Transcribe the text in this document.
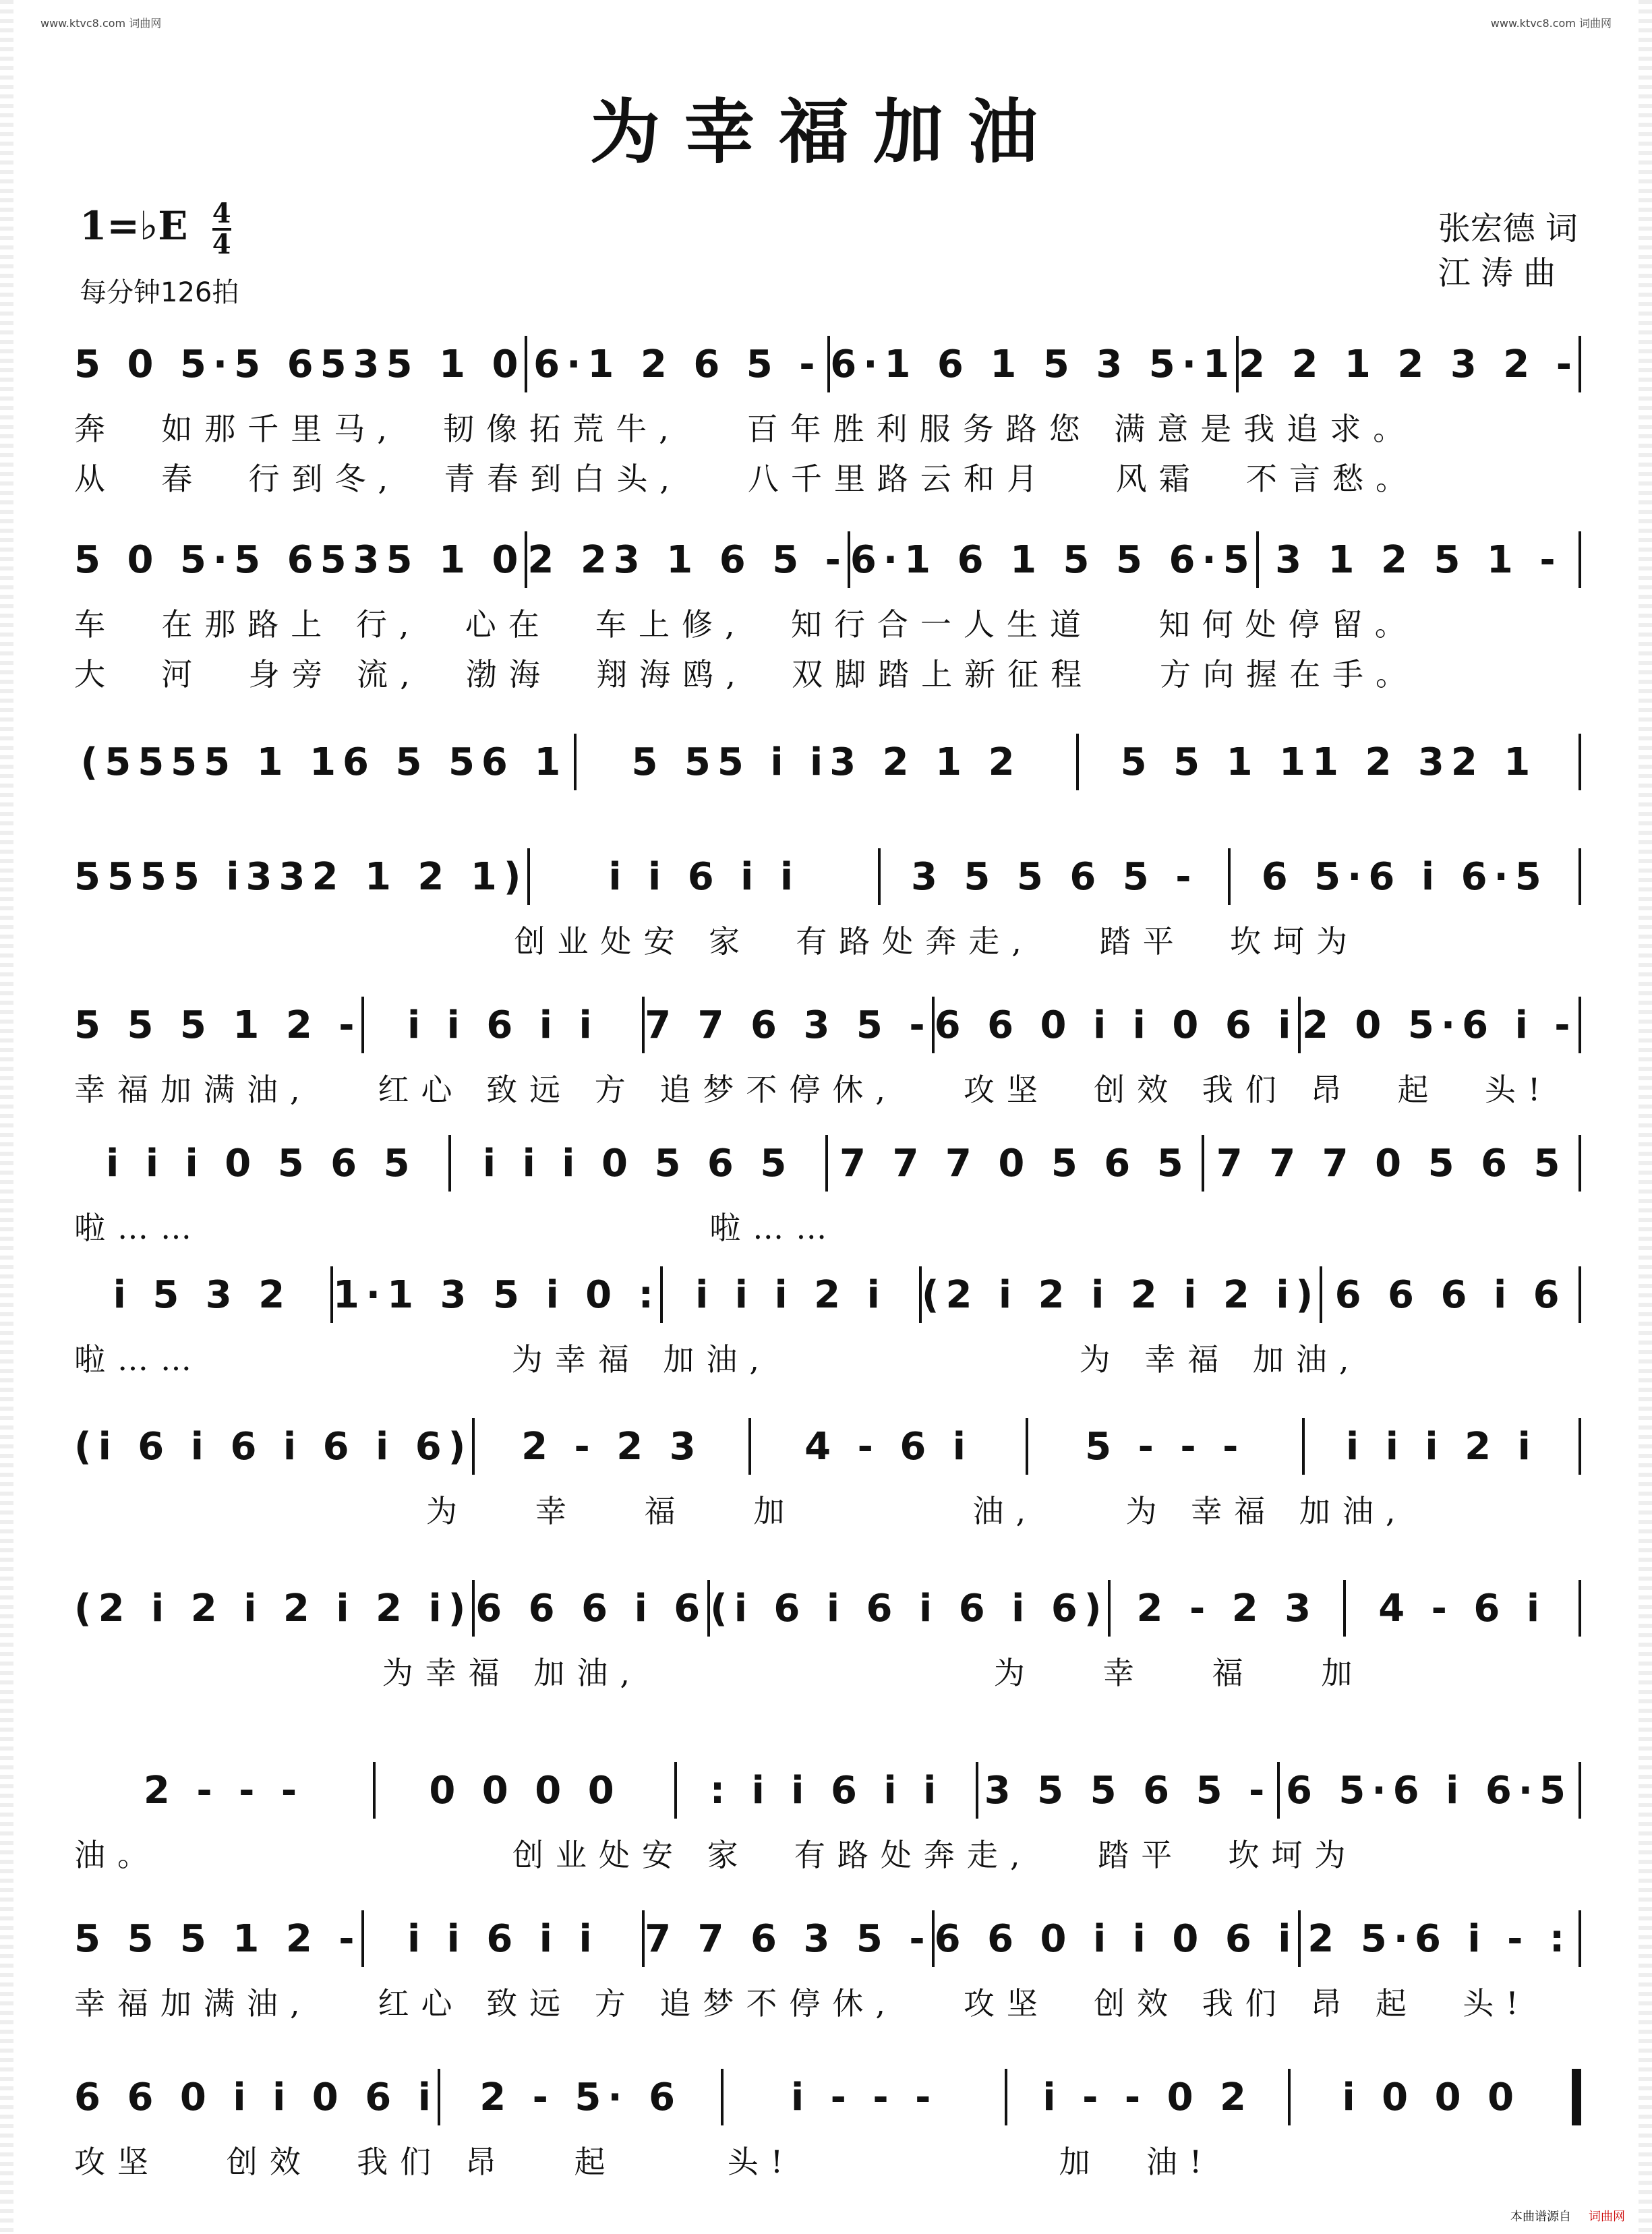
www.ktvc8.com 词曲网	www.ktvc8.com 词曲网
为幸福加油
1=♭E $\frac{4}{4}$
每分钟126拍
张宏德 词
江 涛 曲
5 0 5·5 6535 1 0 6·1 2 6 5 - 6·1 6 1 5 3 5·1 2 2 1 2 3 2 -
奔  如那千里马,  韧像拓荒牛,   百年胜利服务路您 满意是我追求。
从  春  行到冬,  青春到白头,   八千里路云和月   风霜  不言愁。
5 0 5·5 6535 1 0 2 23 1 6 5 - 6·1 6 1 5 5 6·5 3 1 2 5 1 -
车  在那路上 行,  心在  车上修,  知行合一人生道   知何处停留。
大  河  身旁 流,  渤海  翔海鸥,  双脚踏上新征程   方向握在手。
(5555 1 16 5 56 1	5 55 i i3 2 1 2	5 5 1 11 2 32 1
5555 i332 1 2 1)	i i 6 i i	3 5 5 6 5 -	6 5·6 i 6·5
创业处安 家  有路处奔走,   踏平  坎坷为
5 5 5 1 2 -	i i 6 i i	7 7 6 3 5 - 6 6 0 i i 0 6 i 2 0 5·6 i -
幸福加满油,   红心 致远 方 追梦不停休,   攻坚  创效 我们 昂  起  头!
i i i 0 5 6 5	i i i 0 5 6 5	7 7 7 0 5 6 5 7 7 7 0 5 6 5
啦……                       啦……
i 5 3 2	1·1 3 5 i 0 : i i i 2 i (2 i 2 i 2 i 2 i) 6 6 6 i 6
啦……              为幸福 加油,              为 幸福 加油,
(i 6 i 6 i 6 i 6)	2 - 2 3	4 - 6 i	5 - - -	i i i 2 i
为   幸   福   加        油,    为 幸福 加油,
(2 i 2 i 2 i 2 i) 6 6 6 i 6 (i 6 i 6 i 6 i 6) 2 - 2 3	4 - 6 i
为幸福 加油,                为   幸   福   加
2 - - -	0 0 0 0	: i i 6 i i	3 5 5 6 5 - 6 5·6 i 6·5
油。                创业处安 家  有路处奔走,   踏平  坎坷为
5 5 5 1 2 -	i i 6 i i	7 7 6 3 5 - 6 6 0 i i 0 6 i 2 5·6 i - :
幸福加满油,   红心 致远 方 追梦不停休,   攻坚  创效 我们 昂 起  头!
6 6 0 i i 0 6 i	2 - 5· 6	i - - -	i - - 0 2	i 0 0 0
攻坚   创效  我们 昂   起     头!            加  油!
本曲谱源自 词曲网
